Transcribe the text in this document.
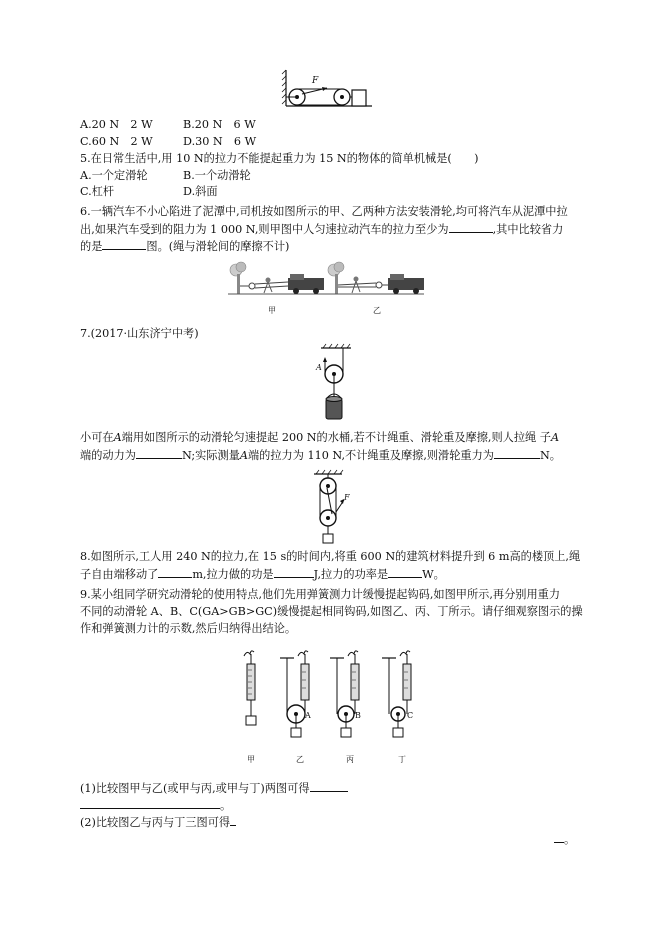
F
A.20 N　2 W	B.20 N　6 W
C.60 N　2 W	D.30 N　6 W
5.在日常生活中,用 10 N的拉力不能提起重力为 15 N的物体的简单机械是(　　)
A.一个定滑轮	B.一个动滑轮
C.杠杆	D.斜面
6.一辆汽车不小心陷进了泥潭中,司机按如图所示的甲、乙两种方法安装滑轮,均可将汽车从泥潭中拉
出,如果汽车受到的阻力为 1 000 N,则甲图中人匀速拉动汽车的拉力至少为	,其中比较省力
的是	图。(绳与滑轮间的摩擦不计)
甲	乙
7.(2017·山东济宁中考)
A
小可在A端用如图所示的动滑轮匀速提起 200 N的水桶,若不计绳重、滑轮重及摩擦,则人拉绳 子A
端的动力为	N;实际测量A端的拉力为 110 N,不计绳重及摩擦,则滑轮重力为	N。
F
8.如图所示,工人用 240 N的拉力,在 15 s的时间内,将重 600 N的建筑材料提升到 6 m高的楼顶上,绳
子自由端移动了	m,拉力做的功是	J,拉力的功率是	W。
9.某小组同学研究动滑轮的使用特点,他们先用弹簧测力计缓慢提起钩码,如图甲所示,再分别用重力
不同的动滑轮 A、B、C(GA>GB>GC)缓慢提起相同钩码,如图乙、丙、丁所示。请仔细观察图示的操
作和弹簧测力计的示数,然后归纳得出结论。
A	B	C
甲	乙	丙	丁
(1)比较图甲与乙(或甲与丙,或甲与丁)两图可得
。
(2)比较图乙与丙与丁三图可得
。
